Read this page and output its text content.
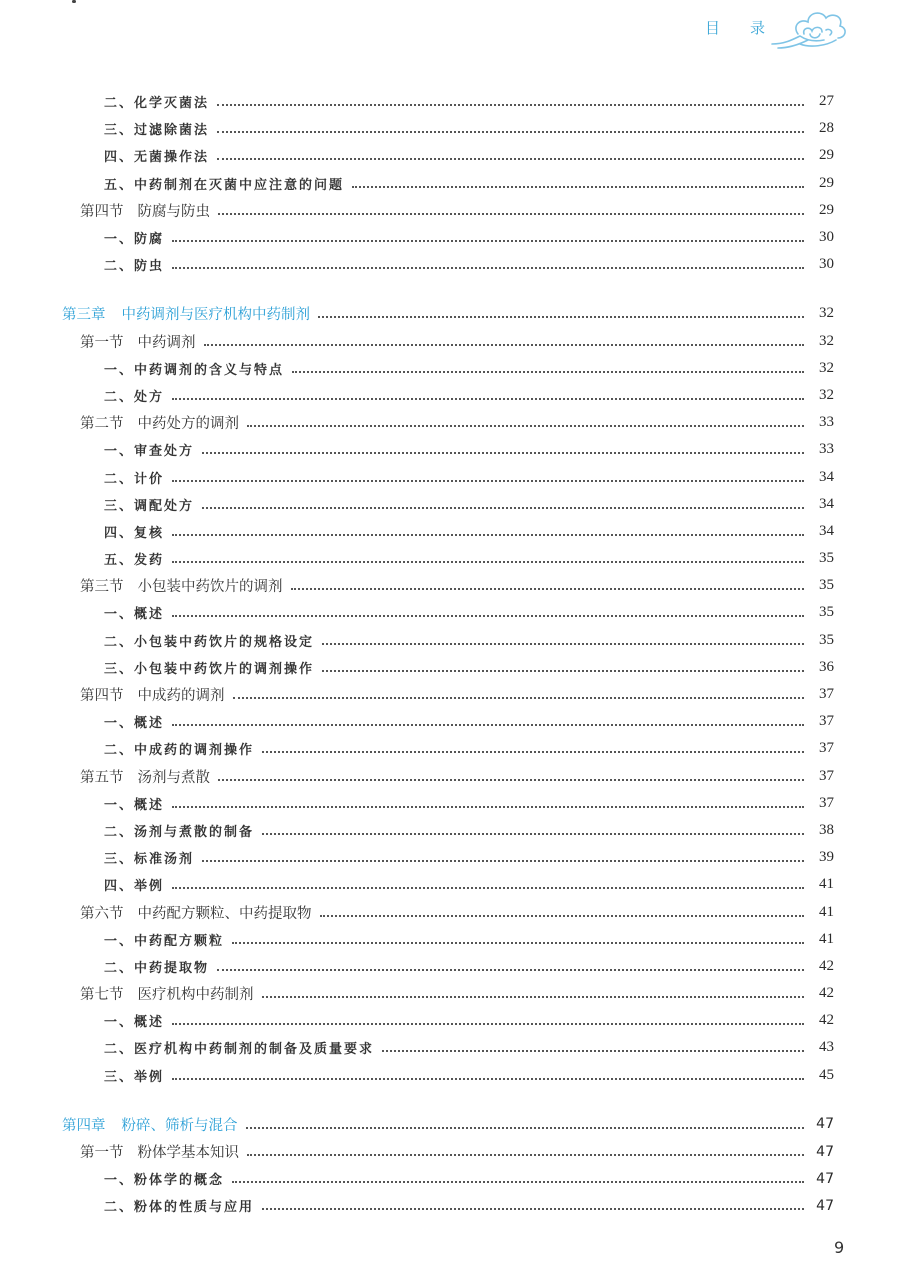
目 录
二、化学灭菌法	27
三、过滤除菌法	28
四、无菌操作法	29
五、中药制剂在灭菌中应注意的问题	29
第四节 防腐与防虫	29
一、防腐	30
二、防虫	30
第三章 中药调剂与医疗机构中药制剂	32
第一节 中药调剂	32
一、中药调剂的含义与特点	32
二、处方	32
第二节 中药处方的调剂	33
一、审查处方	33
二、计价	34
三、调配处方	34
四、复核	34
五、发药	35
第三节 小包装中药饮片的调剂	35
一、概述	35
二、小包装中药饮片的规格设定	35
三、小包装中药饮片的调剂操作	36
第四节 中成药的调剂	37
一、概述	37
二、中成药的调剂操作	37
第五节 汤剂与煮散	37
一、概述	37
二、汤剂与煮散的制备	38
三、标准汤剂	39
四、举例	41
第六节 中药配方颗粒、中药提取物	41
一、中药配方颗粒	41
二、中药提取物	42
第七节 医疗机构中药制剂	42
一、概述	42
二、医疗机构中药制剂的制备及质量要求	43
三、举例	45
第四章 粉碎、筛析与混合	47
第一节 粉体学基本知识	47
一、粉体学的概念	47
二、粉体的性质与应用	47
9
